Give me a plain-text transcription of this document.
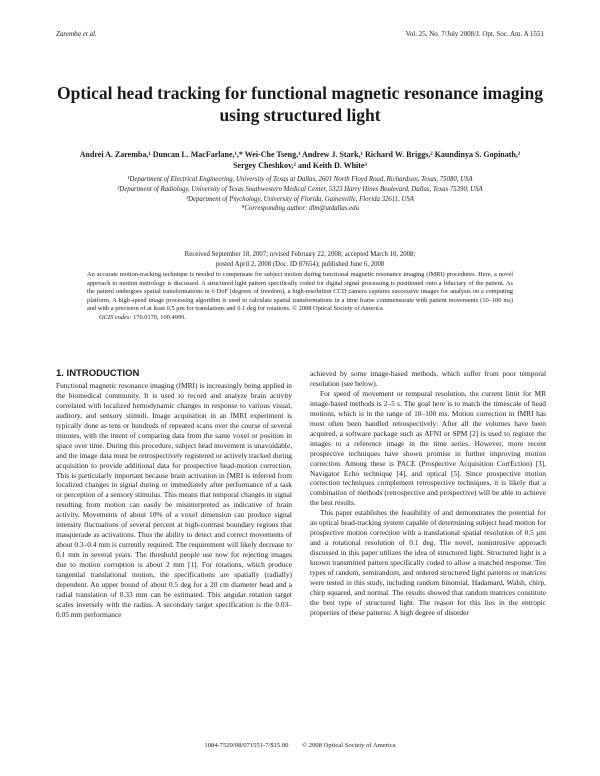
Zaremba et al.	Vol. 25, No. 7/July 2008/J. Opt. Soc. Am. A 1551
Optical head tracking for functional magnetic resonance imaging using structured light
Andrei A. Zaremba,¹ Duncan L. MacFarlane,¹,* Wei-Che Tseng,¹ Andrew J. Stark,¹ Richard W. Briggs,² Kaundinya S. Gopinath,² Sergey Cheshkov,² and Keith D. White³

¹Department of Electrical Engineering, University of Texas at Dallas, 2601 North Floyd Road, Richardson, Texas, 75080, USA

²Department of Radiology, University of Texas Southwestern Medical Center, 5323 Harry Hines Boulevard, Dallas, Texas 75390, USA

³Department of Psychology, University of Florida, Gainesville, Florida 32611, USA

*Corresponding author: dlm@utdallas.edu

Received September 18, 2007; revised February 22, 2008; accepted March 10, 2008;

posted April 2, 2008 (Doc. ID 87654); published June 6, 2008

An accurate motion-tracking technique is needed to compensate for subject motion during functional magnetic resonance imaging (fMRI) procedures. Here, a novel approach to motion metrology is discussed. A structured light pattern specifically coded for digital signal processing is positioned onto a fiduciary of the patient. As the patient undergoes spatial transformations in 6 DoF (degrees of freedom), a high-resolution CCD camera captures successive images for analysis on a computing platform. A high-speed image processing algorithm is used to calculate spatial transformations in a time frame commensurate with patient movements (10–100 ms) and with a precision of at least 0.5 μm for translations and 0.1 deg for rotations. © 2008 Optical Society of America

OCIS codes: 170.0170, 100.4999.

1. INTRODUCTION

Functional magnetic resonance imaging (fMRI) is increasingly being applied in the biomedical community. It is used to record and analyze brain activity correlated with localized hemodynamic changes in response to various visual, auditory, and sensory stimuli. Image acquisition in an fMRI experiment is typically done as tens or hundreds of repeated scans over the course of several minutes, with the intent of comparing data from the same voxel or position in space over time. During this procedure, subject head movement is unavoidable, and the image data must be retrospectively registered or actively tracked during acquisition to provide additional data for prospective head-motion correction. This is particularly important because brain activation in fMRI is inferred from localized changes in signal during or immediately after performance of a task or perception of a sensory stimulus. This means that temporal changes in signal resulting from motion can easily be misinterpreted as indicative of brain activity. Movements of about 10% of a voxel dimension can produce signal intensity fluctuations of several percent at high-contrast boundary regions that masquerade as activations. Thus the ability to detect and correct movements of about 0.3–0.4 mm is currently required. The requirement will likely decrease to 0.1 mm in several years. The threshold people use now for rejecting images due to motion corruption is about 2 mm [1]. For rotations, which produce tangential translational motion, the specifications are spatially (radially) dependent. An upper bound of about 0.5 deg for a 20 cm diameter head and a radial translation of 0.33 mm can be estimated. This angular rotation target scales inversely with the radius. A secondary target specification is the 0.03–0.05 mm performance

achieved by some image-based methods, which suffer from poor temporal resolution (see below).

For speed of movement or temporal resolution, the current limit for MR image-based methods is 2–5 s. The goal here is to match the timescale of head motions, which is in the range of 10–100 ms. Motion correction in fMRI has most often been handled retrospectively: After all the volumes have been acquired, a software package such as AFNI or SPM [2] is used to register the images to a reference image in the time series. However, more recent prospective techniques have shown promise in further improving motion correction. Among these is PACE (Prospective Acquisition CorrEction) [3], Navigator Echo technique [4], and optical [5]. Since prospective motion correction techniques complement retrospective techniques, it is likely that a combination of methods (retrospective and prospective) will be able to achieve the best results.

This paper establishes the feasibility of and demonstrates the potential for an optical head-tracking system capable of determining subject head motion for prospective motion correction with a translational spatial resolution of 0.5 μm and a rotational resolution of 0.1 deg. The novel, nonintrusive approach discussed in this paper utilizes the idea of structured light. Structured light is a known transmitted pattern specifically coded to allow a matched response. Ten types of random, semirandom, and ordered structured light patterns or matrices were tested in this study, including random binomial, Hadamard, Walsh, chirp, chirp squared, and normal. The results showed that random matrices constitute the best type of structured light. The reason for this lies in the entropic properties of these patterns: A high degree of disorder

1084-7529/08/071551-7/$15.00 © 2008 Optical Society of America
